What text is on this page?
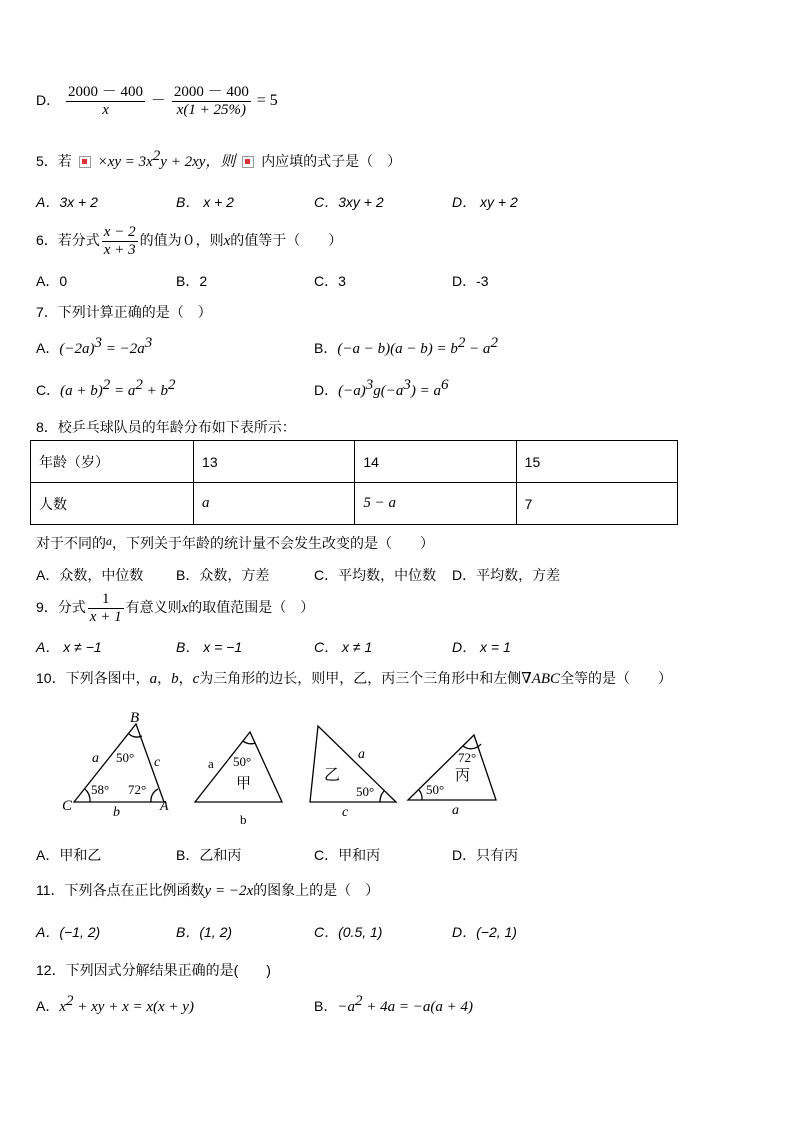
D． $\frac{2000 - 400}{x} - \frac{2000 - 400}{x(1 + 25\%)} = 5$
5．若 $\times xy = 3x^2y + 2xy$，则 内应填的式子是（　）
A．3x + 2	B． x + 2	C．3xy + 2	D． xy + 2
6．若分式 $\frac{x - 2}{x + 3}$ 的值为０，则x的值等于（　　）
A．0	B．2	C．3	D．-3
7．下列计算正确的是（　）
A．$(-2a)^3 = -2a^3$	B．$(-a - b)(a - b) = b^2 - a^2$
C．$(a + b)^2 = a^2 + b^2$	D．$(-a)^3g(-a^3) = a^6$
8．校乒乓球队员的年龄分布如下表所示：
年龄（岁）	13	14	15
人数	a	5 − a	7
对于不同的a，下列关于年龄的统计量不会发生改变的是（　　）
A．众数，中位数 B．众数，方差	C．平均数，中位数 D．平均数，方差
9．分式 $\frac{1}{x + 1}$ 有意义则x的取值范围是（　）
A． x ≠ −1	B． x = −1	C． x ≠ 1	D． x = 1
10．下列各图中，a，b，c为三角形的边长，则甲，乙，丙三个三角形中和左侧∇ABC全等的是（　　）
B
C	A
a
b
c
50°
58° 72°
a 50°
甲
b
a
乙
50°
c
72°
丙
50°
a
A．甲和乙	B．乙和丙	C．甲和丙	D．只有丙
11．下列各点在正比例函数y = −2x的图象上的是（　）
A．(−1, 2)	B．(1, 2)	C．(0.5, 1)	D．(−2, 1)
12．下列因式分解结果正确的是(　　)
A．$x^2$ + xy + x = x(x + y)	B．$-a^2 + 4a = -a(a + 4)$
